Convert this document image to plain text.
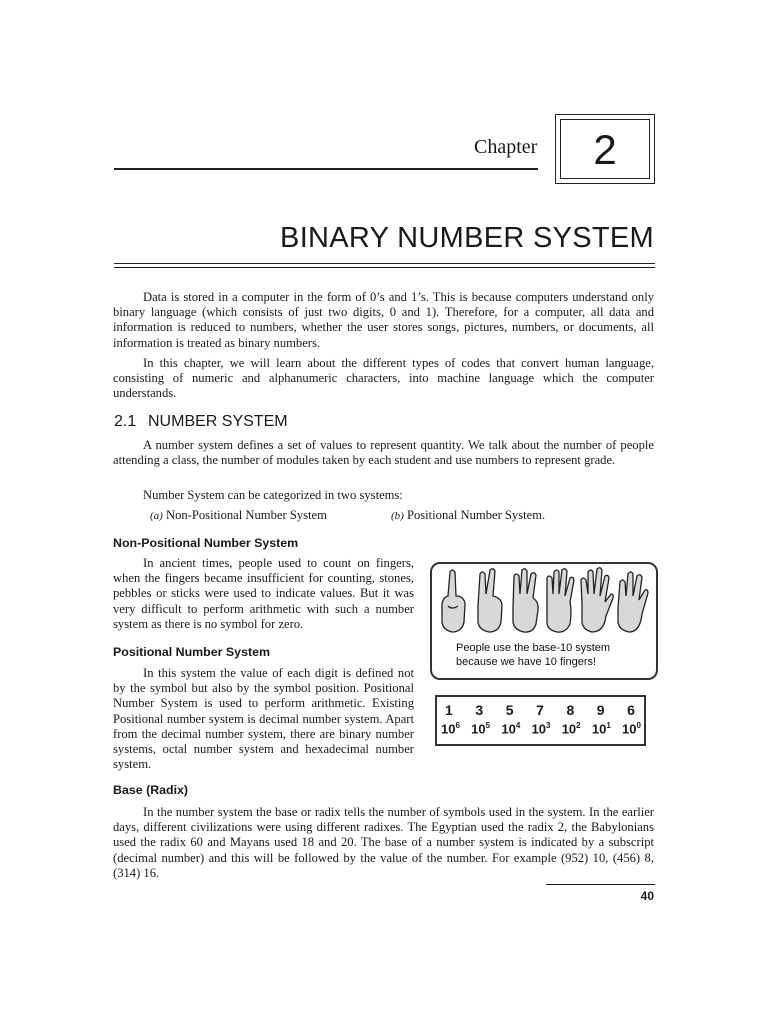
Chapter	2
BINARY NUMBER SYSTEM
Data is stored in a computer in the form of 0’s and 1’s. This is because computers understand only binary language (which consists of just two digits, 0 and 1). Therefore, for a computer, all data and information is reduced to numbers, whether the user stores songs, pictures, numbers, or documents, all information is treated as binary numbers.
In this chapter, we will learn about the different types of codes that convert human language, consisting of numeric and alphanumeric characters, into machine language which the computer understands.
2.1 NUMBER SYSTEM
A number system defines a set of values to represent quantity. We talk about the number of people attending a class, the number of modules taken by each student and use numbers to represent grade.
Number System can be categorized in two systems:
(a) Non-Positional Number System	(b) Positional Number System.
Non-Positional Number System
In ancient times, people used to count on fingers, when the fingers became insufficient for counting, stones, pebbles or sticks were used to indicate values. But it was very difficult to perform arithmetic with such a number system as there is no symbol for zero.
Positional Number System
In this system the value of each digit is defined not by the symbol but also by the symbol position. Positional Number System is used to perform arithmetic. Existing Positional number system is decimal number system. Apart from the decimal number system, there are binary number systems, octal number system and hexadecimal number system.
People use the base-10 system
because we have 10 fingers!
1 3 5 7 8 9 6
$10^6$ $10^5$ $10^4$ $10^3$ $10^2$ $10^1$ $10^0$
Base (Radix)
In the number system the base or radix tells the number of symbols used in the system. In the earlier days, different civilizations were using different radixes. The Egyptian used the radix 2, the Babylonians used the radix 60 and Mayans used 18 and 20. The base of a number system is indicated by a subscript (decimal number) and this will be followed by the value of the number. For example (952) 10, (456) 8, (314) 16.
40
